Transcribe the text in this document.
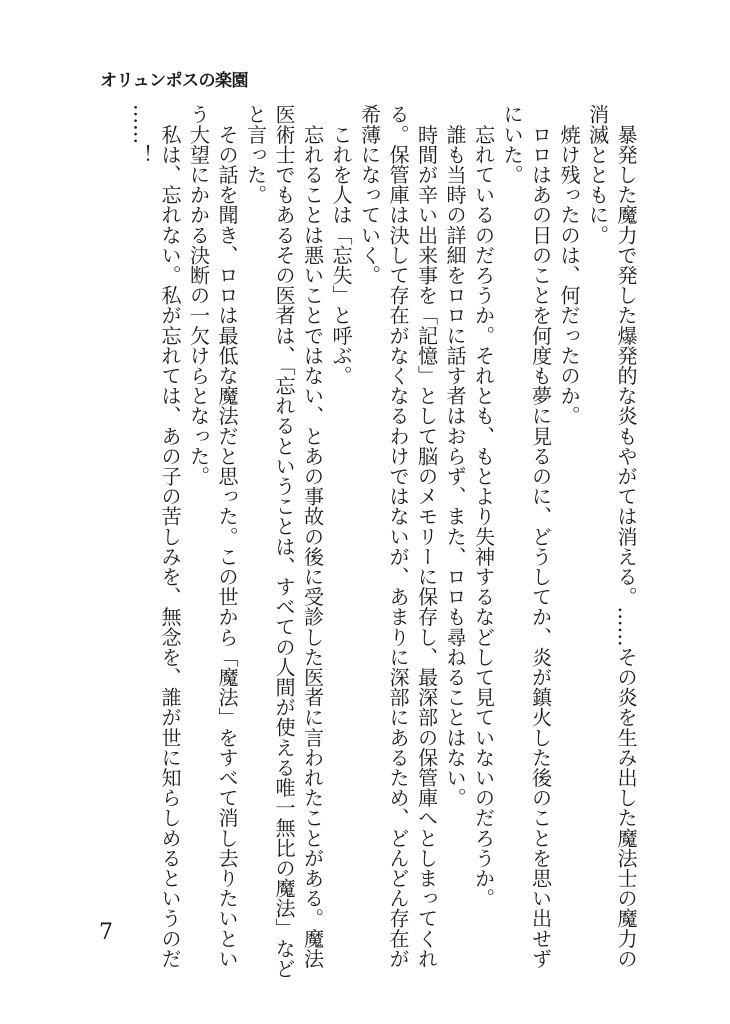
オリュンポスの楽園
　暴発した魔力で発した爆発的な炎もやがては消える。……その炎を生み出した魔法士の魔力の
消滅とともに。
　焼け残ったのは、何だったのか。
　ロロはあの日のことを何度も夢に見るのに、どうしてか、炎が鎮火した後のことを思い出せず
にいた。
　忘れているのだろうか。それとも、もとより失神するなどして見ていないのだろうか。
　誰も当時の詳細をロロに話す者はおらず、また、ロロも尋ねることはない。
　時間が辛い出来事を「記憶」として脳のメモリーに保存し、最深部の保管庫へとしまってくれ
る。保管庫は決して存在がなくなるわけではないが、あまりに深部にあるため、どんどん存在が
希薄になっていく。
　これを人は「忘失」と呼ぶ。
　忘れることは悪いことではない、とあの事故の後に受診した医者に言われたことがある。魔法
医術士でもあるその医者は、「忘れるということは、すべての人間が使える唯一無比の魔法」など
と言った。
　その話を聞き、ロロは最低な魔法だと思った。この世から「魔法」をすべて消し去りたいとい
う大望にかかる決断の一欠けらとなった。
　私は、忘れない。私が忘れては、あの子の苦しみを、無念を、誰が世に知らしめるというのだ
……！
7
